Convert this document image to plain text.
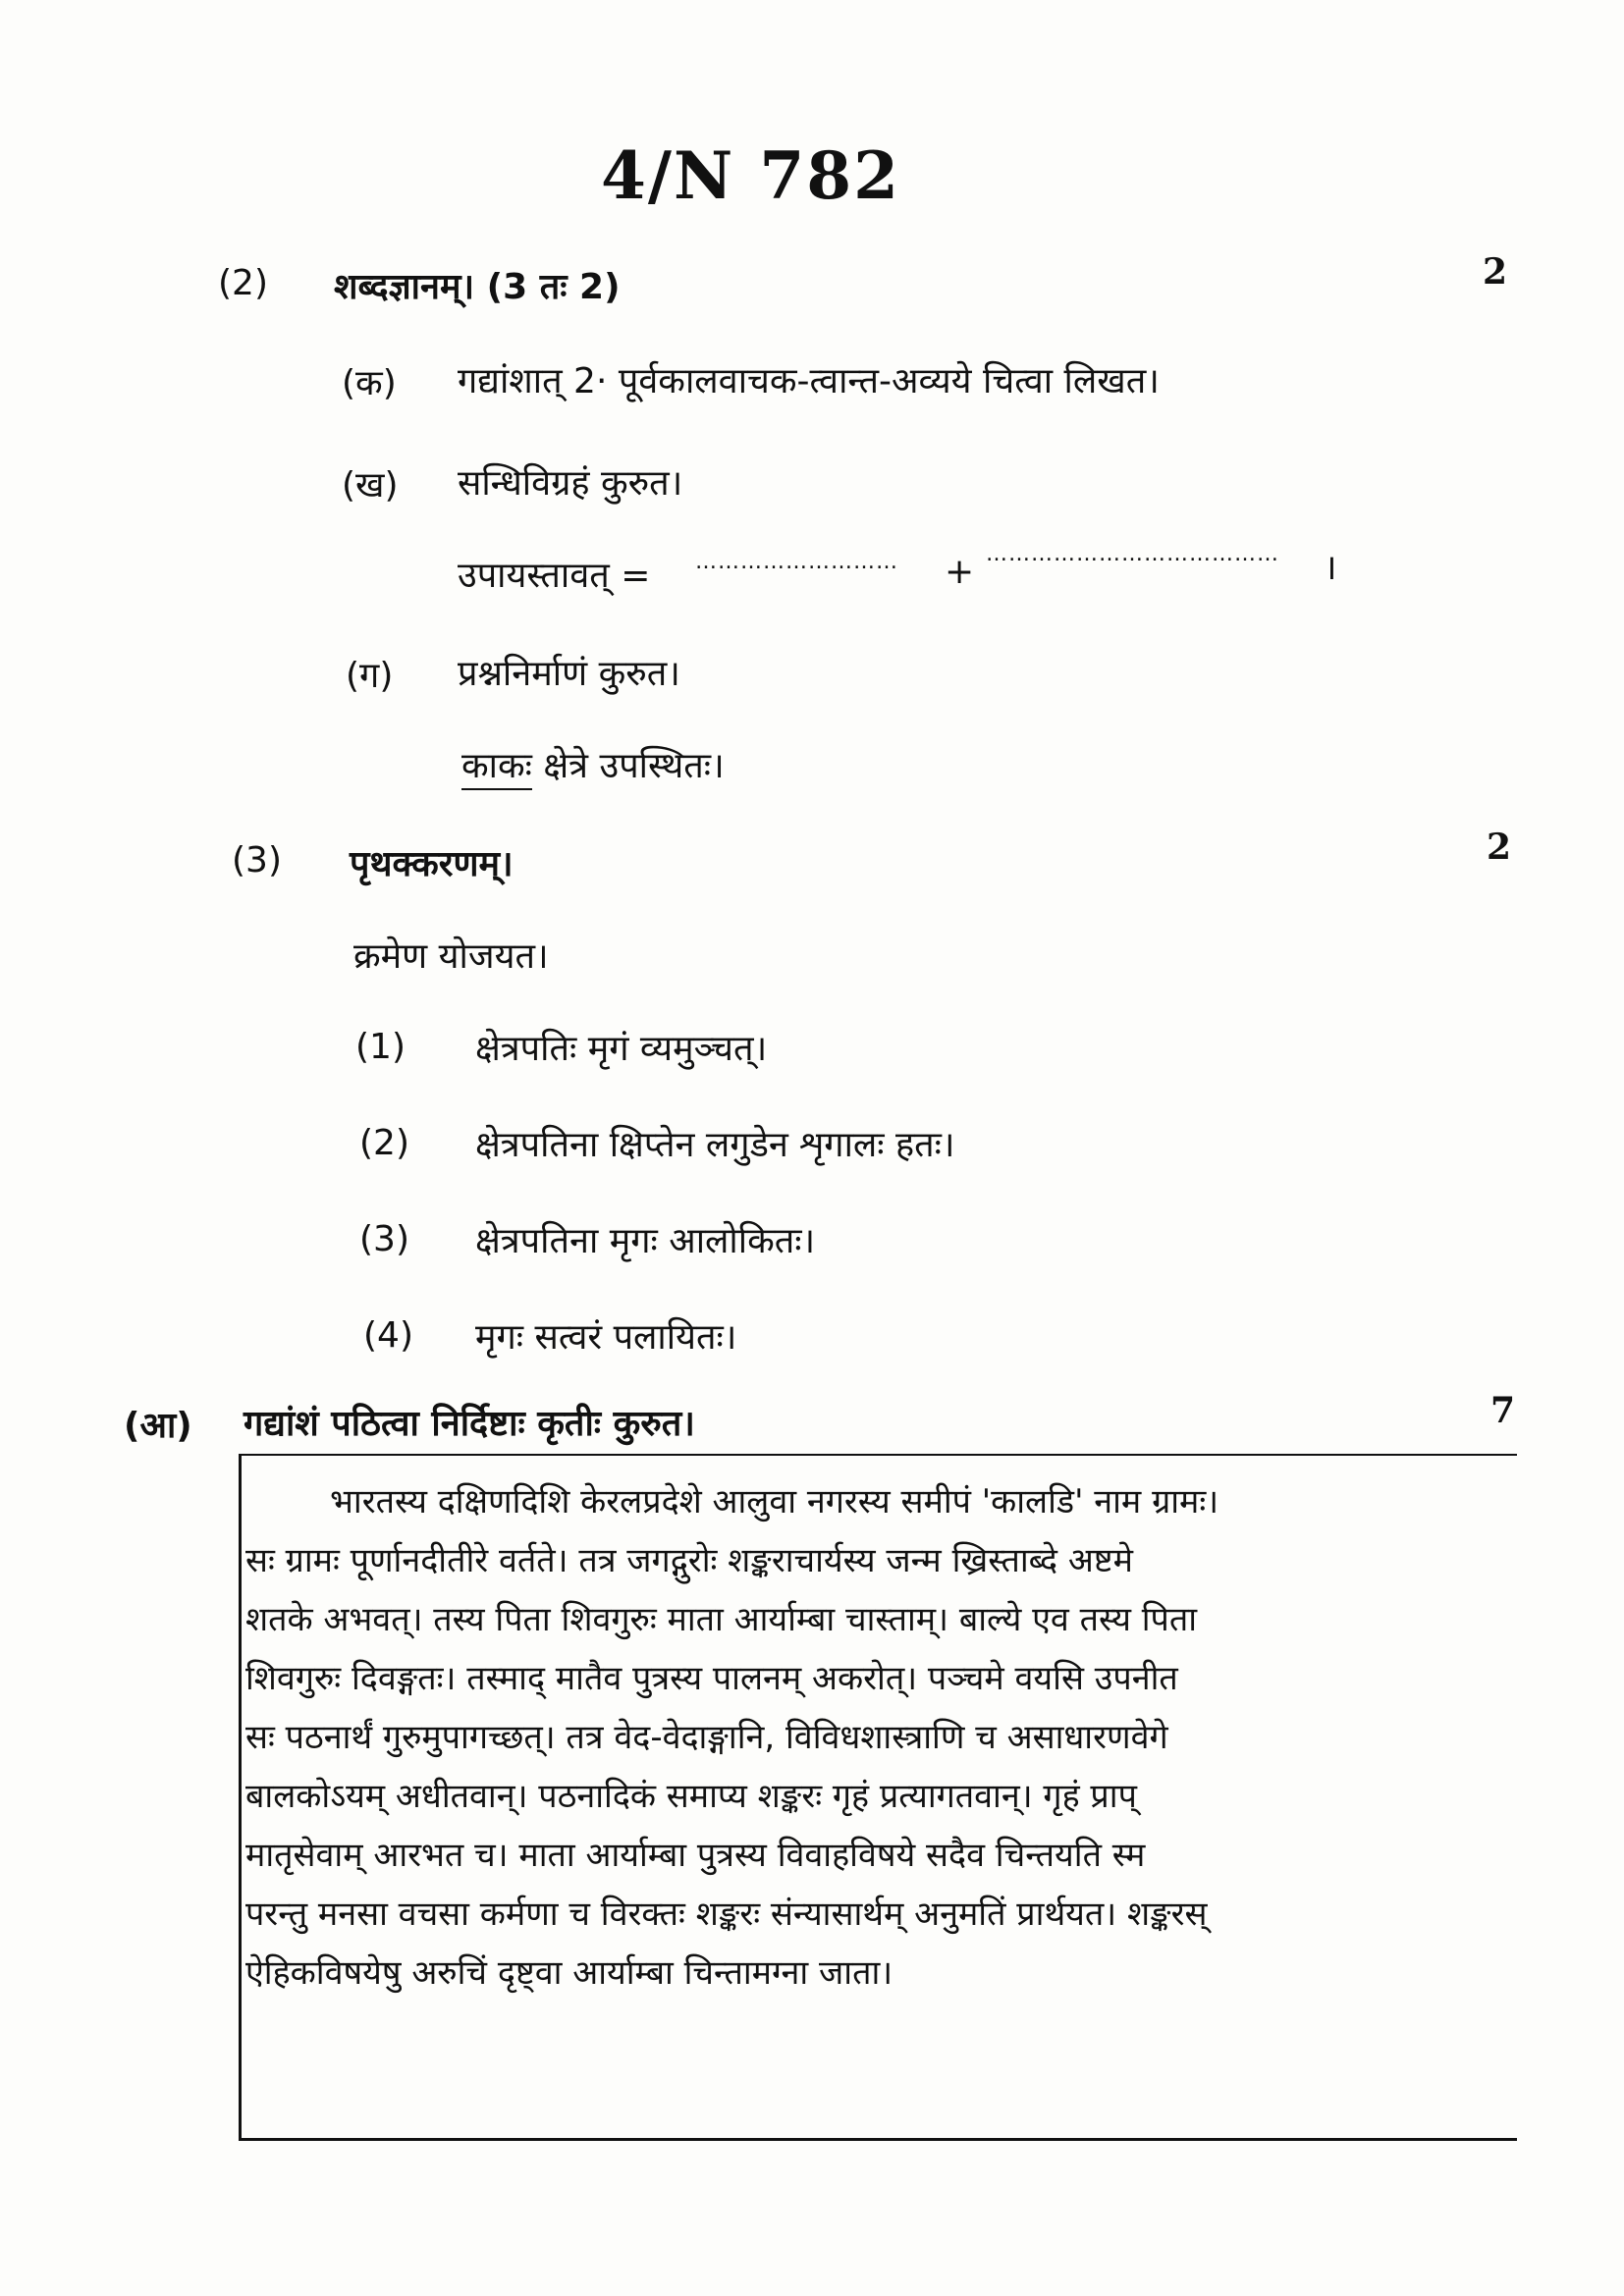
4/N 782
(2) शब्दज्ञानम्। (3 तः 2)	2
(क) गद्यांशात् 2· पूर्वकालवाचक-त्वान्त-अव्यये चित्वा लिखत।
(ख) सन्धिविग्रहं कुरुत।
उपायस्तावत् = ……………………… + ………………………………… ।
(ग) प्रश्ननिर्माणं कुरुत।
काकः क्षेत्रे उपस्थितः।
(3) पृथक्करणम्।	2
क्रमेण योजयत।
(1) क्षेत्रपतिः मृगं व्यमुञ्चत्।
(2) क्षेत्रपतिना क्षिप्तेन लगुडेन शृगालः हतः।
(3) क्षेत्रपतिना मृगः आलोकितः।
(4) मृगः सत्वरं पलायितः।
(आ) गद्यांशं पठित्वा निर्दिष्टाः कृतीः कुरुत।	7
भारतस्य दक्षिणदिशि केरलप्रदेशे आलुवा नगरस्य समीपं 'कालडि' नाम ग्रामः।
सः ग्रामः पूर्णानदीतीरे वर्तते। तत्र जगद्गुरोः शङ्कराचार्यस्य जन्म ख्रिस्ताब्दे अष्टमे
शतके अभवत्। तस्य पिता शिवगुरुः माता आर्याम्बा चास्ताम्। बाल्ये एव तस्य पिता
शिवगुरुः दिवङ्गतः। तस्माद् मातैव पुत्रस्य पालनम् अकरोत्। पञ्चमे वयसि उपनीत
सः पठनार्थं गुरुमुपागच्छत्। तत्र वेद-वेदाङ्गानि, विविधशास्त्राणि च असाधारणवेगे
बालकोऽयम् अधीतवान्। पठनादिकं समाप्य शङ्करः गृहं प्रत्यागतवान्। गृहं प्राप्
मातृसेवाम् आरभत च। माता आर्याम्बा पुत्रस्य विवाहविषये सदैव चिन्तयति स्म
परन्तु मनसा वचसा कर्मणा च विरक्तः शङ्करः संन्यासार्थम् अनुमतिं प्रार्थयत। शङ्करस्
ऐहिकविषयेषु अरुचिं दृष्ट्वा आर्याम्बा चिन्तामग्ना जाता।
